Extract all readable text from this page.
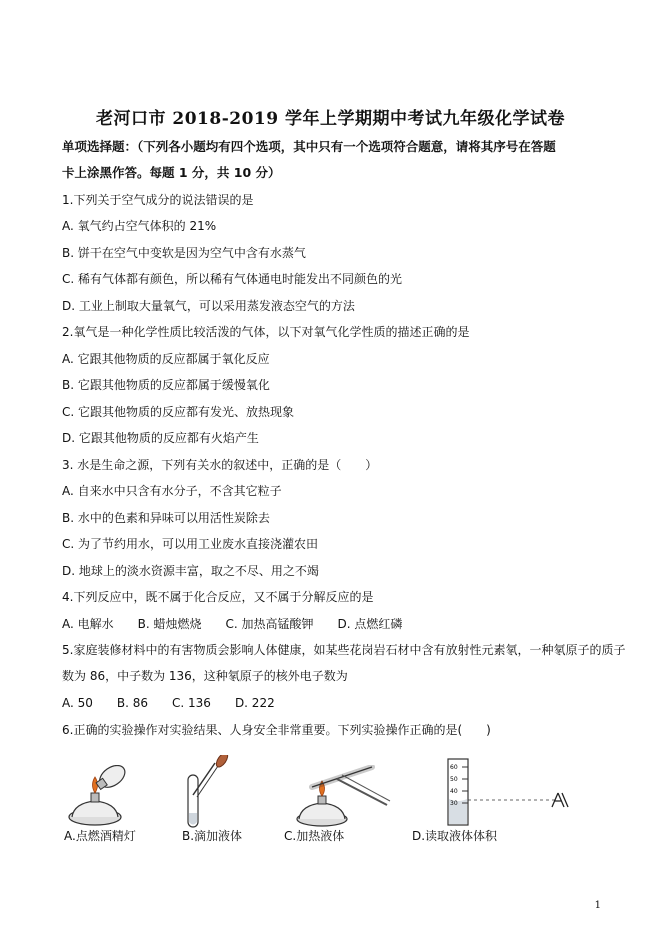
老河口市 2018-2019 学年上学期期中考试九年级化学试卷
单项选择题：（下列各小题均有四个选项，其中只有一个选项符合题意，请将其序号在答题
卡上涂黑作答。每题 1 分，共 10 分）
1.下列关于空气成分的说法错误的是
A. 氧气约占空气体积的 21%
B. 饼干在空气中变软是因为空气中含有水蒸气
C. 稀有气体都有颜色，所以稀有气体通电时能发出不同颜色的光
D. 工业上制取大量氧气，可以采用蒸发液态空气的方法
2.氧气是一种化学性质比较活泼的气体，以下对氧气化学性质的描述正确的是
A. 它跟其他物质的反应都属于氧化反应
B. 它跟其他物质的反应都属于缓慢氧化
C. 它跟其他物质的反应都有发光、放热现象
D. 它跟其他物质的反应都有火焰产生
3. 水是生命之源，下列有关水的叙述中，正确的是（　　）
A. 自来水中只含有水分子，不含其它粒子
B. 水中的色素和异味可以用活性炭除去
C. 为了节约用水，可以用工业废水直接浇灌农田
D. 地球上的淡水资源丰富，取之不尽、用之不竭
4.下列反应中，既不属于化合反应，又不属于分解反应的是
A. 电解水　　B. 蜡烛燃烧　　C. 加热高锰酸钾　　D. 点燃红磷
5.家庭装修材料中的有害物质会影响人体健康，如某些花岗岩石材中含有放射性元素氡，一种氡原子的质子
数为 86，中子数为 136，这种氡原子的核外电子数为
A. 50　　B. 86　　C. 136　　D. 222
6.正确的实验操作对实验结果、人身安全非常重要。下列实验操作正确的是(　　)
A.点燃酒精灯	B.滴加液体	C.加热液体
60
50
40
30
D.读取液体体积
1
